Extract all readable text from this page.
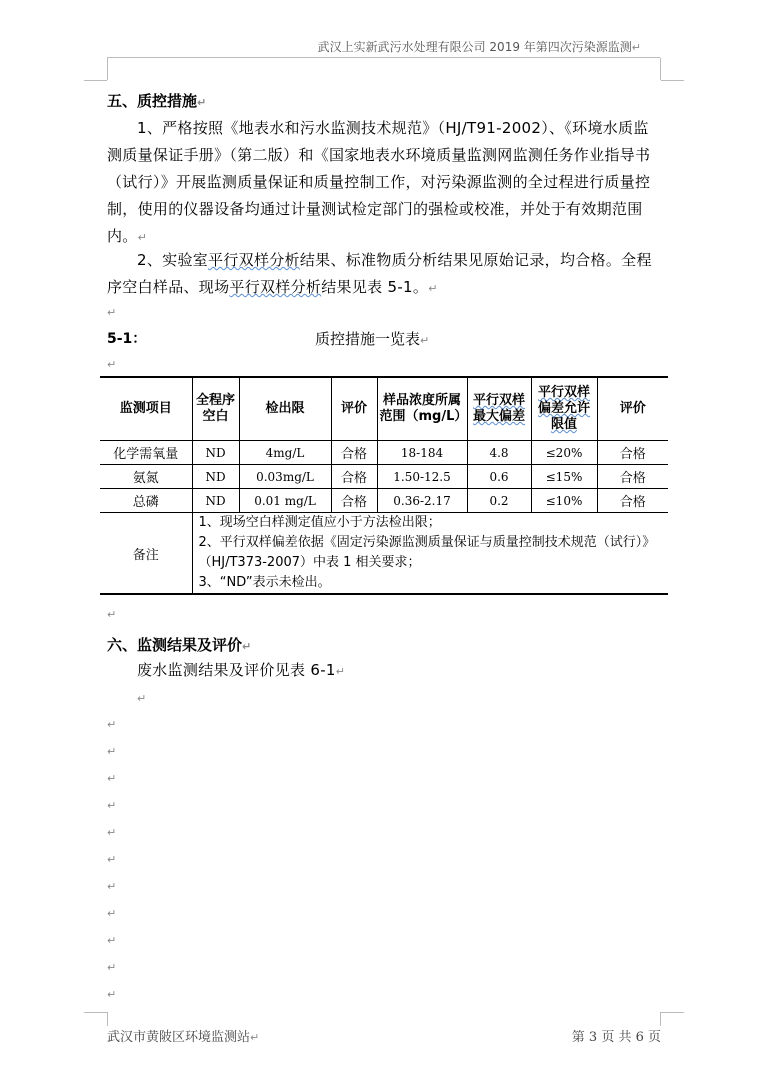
武汉上实新武污水处理有限公司 2019 年第四次污染源监测↵
五、质控措施↵
1、严格按照《地表水和污水监测技术规范》（HJ/T91-2002）、《环境水质监测质量保证手册》（第二版）和《国家地表水环境质量监测网监测任务作业指导书（试行）》开展监测质量保证和质量控制工作，对污染源监测的全过程进行质量控制，使用的仪器设备均通过计量测试检定部门的强检或校准，并处于有效期范围内。↵
2、实验室平行双样分析结果、标准物质分析结果见原始记录，均合格。全程序空白样品、现场平行双样分析结果见表 5-1。↵
↵
5-1：	质控措施一览表↵
↵
监测项目	全程序空白	检出限	评价	样品浓度所属范围（mg/L）	平行双样最大偏差	平行双样偏差允许限值	评价
化学需氧量	ND	4mg/L	合格	18-184	4.8	≤20%	合格
氨氮	ND	0.03mg/L	合格	1.50-12.5	0.6	≤15%	合格
总磷	ND	0.01 mg/L	合格	0.36-2.17	0.2	≤10%	合格
备注	1、现场空白样测定值应小于方法检出限；
2、平行双样偏差依据《固定污染源监测质量保证与质量控制技术规范（试行）》（HJ/T373-2007）中表 1 相关要求；
3、“ND”表示未检出。						
↵
六、监测结果及评价↵
废水监测结果及评价见表 6-1↵
↵
↵
↵
↵
↵
↵
↵
↵
↵
↵
↵
↵
武汉市黄陂区环境监测站↵	第 3 页 共 6 页
